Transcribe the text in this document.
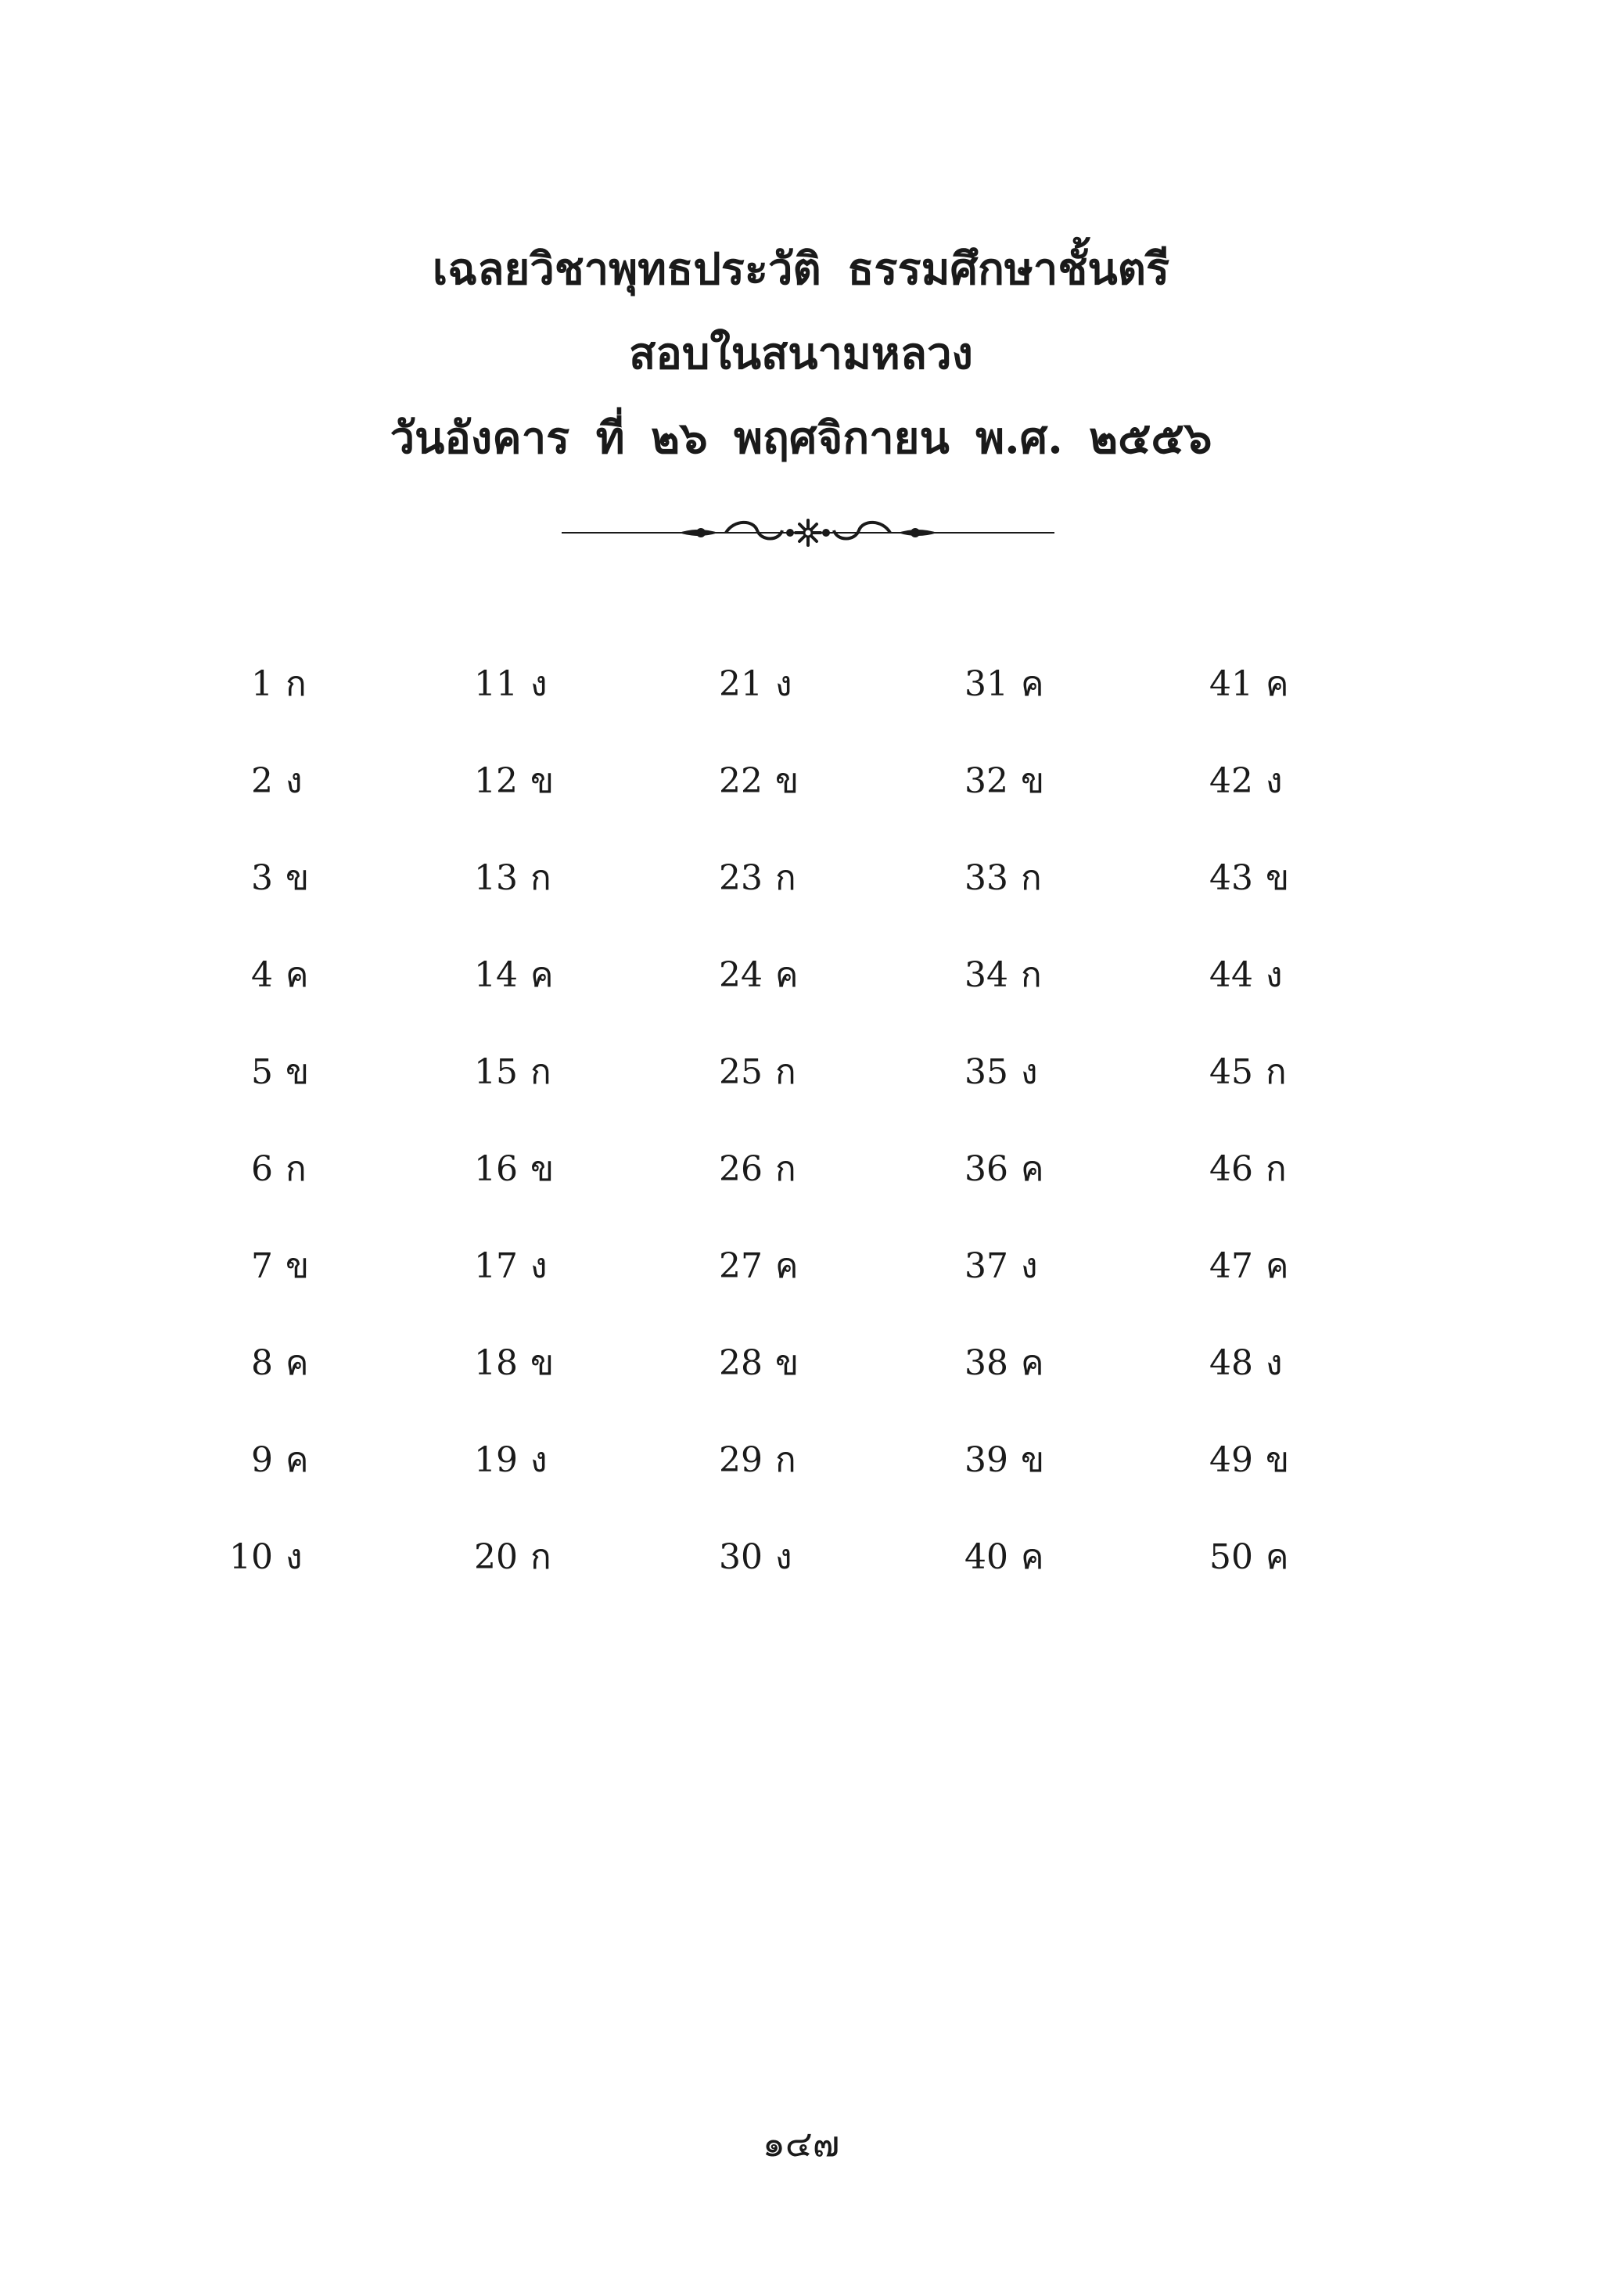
เฉลยวิชาพุทธประวัติ ธรรมศึกษาชั้นตรี
สอบในสนามหลวง
วันอังคาร ที่ ๒๖ พฤศจิกายน พ.ศ. ๒๕๕๖
1 ก
2 ง
3 ข
4 ค
5 ข
6 ก
7 ข
8 ค
9 ค
10 ง
11 ง
12 ข
13 ก
14 ค
15 ก
16 ข
17 ง
18 ข
19 ง
20 ก
21 ง
22 ข
23 ก
24 ค
25 ก
26 ก
27 ค
28 ข
29 ก
30 ง
31 ค
32 ข
33 ก
34 ก
35 ง
36 ค
37 ง
38 ค
39 ข
40 ค
41 ค
42 ง
43 ข
44 ง
45 ก
46 ก
47 ค
48 ง
49 ข
50 ค
๑๔๗
